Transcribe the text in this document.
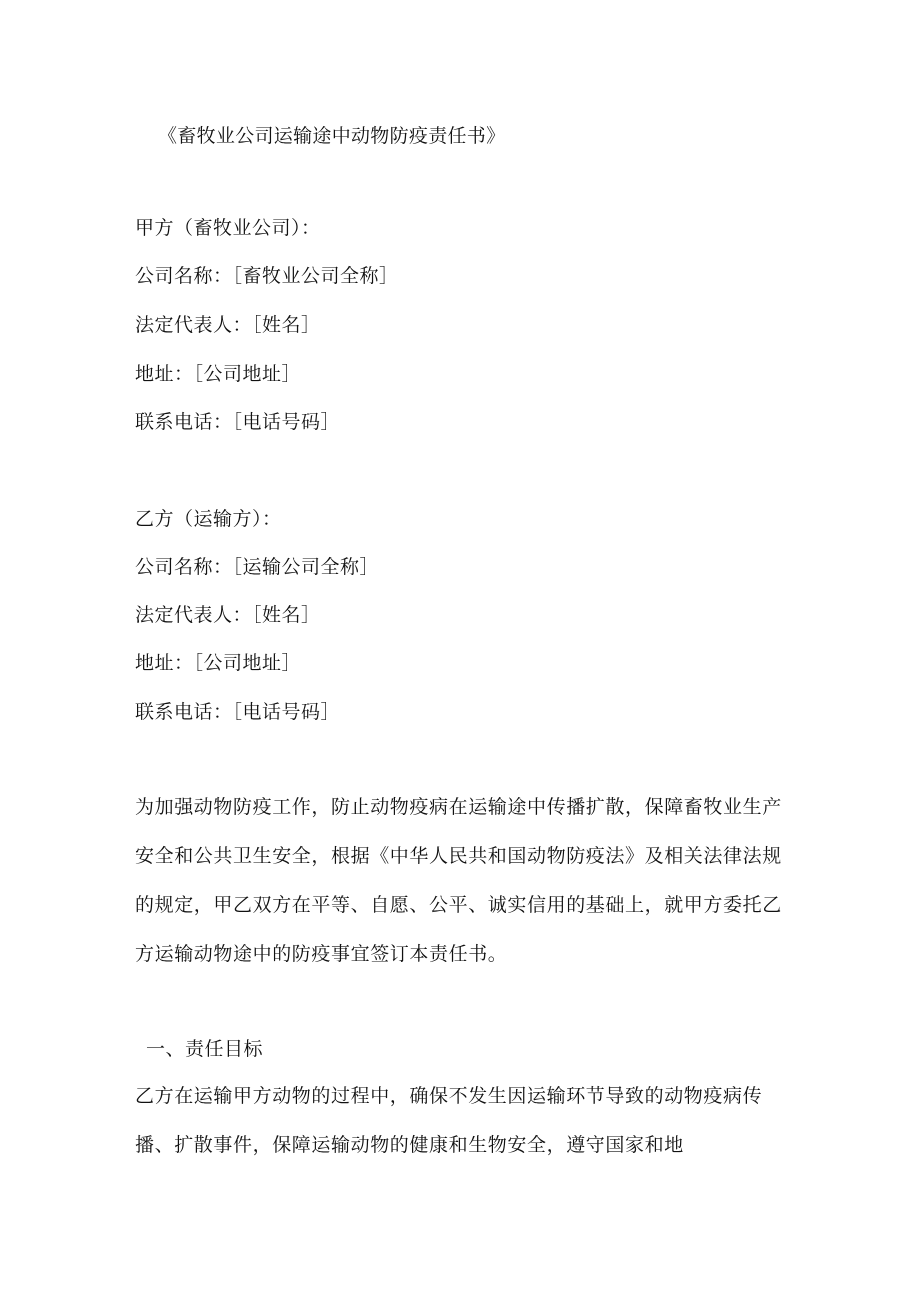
《畜牧业公司运输途中动物防疫责任书》
甲方（畜牧业公司）：
公司名称：［畜牧业公司全称］
法定代表人：［姓名］
地址：［公司地址］
联系电话：［电话号码］
乙方（运输方）：
公司名称：［运输公司全称］
法定代表人：［姓名］
地址：［公司地址］
联系电话：［电话号码］
为加强动物防疫工作，防止动物疫病在运输途中传播扩散，保障畜牧业生产安全和公共卫生安全，根据《中华人民共和国动物防疫法》及相关法律法规的规定，甲乙双方在平等、自愿、公平、诚实信用的基础上，就甲方委托乙方运输动物途中的防疫事宜签订本责任书。
一、责任目标
乙方在运输甲方动物的过程中，确保不发生因运输环节导致的动物疫病传播、扩散事件，保障运输动物的健康和生物安全，遵守国家和地
